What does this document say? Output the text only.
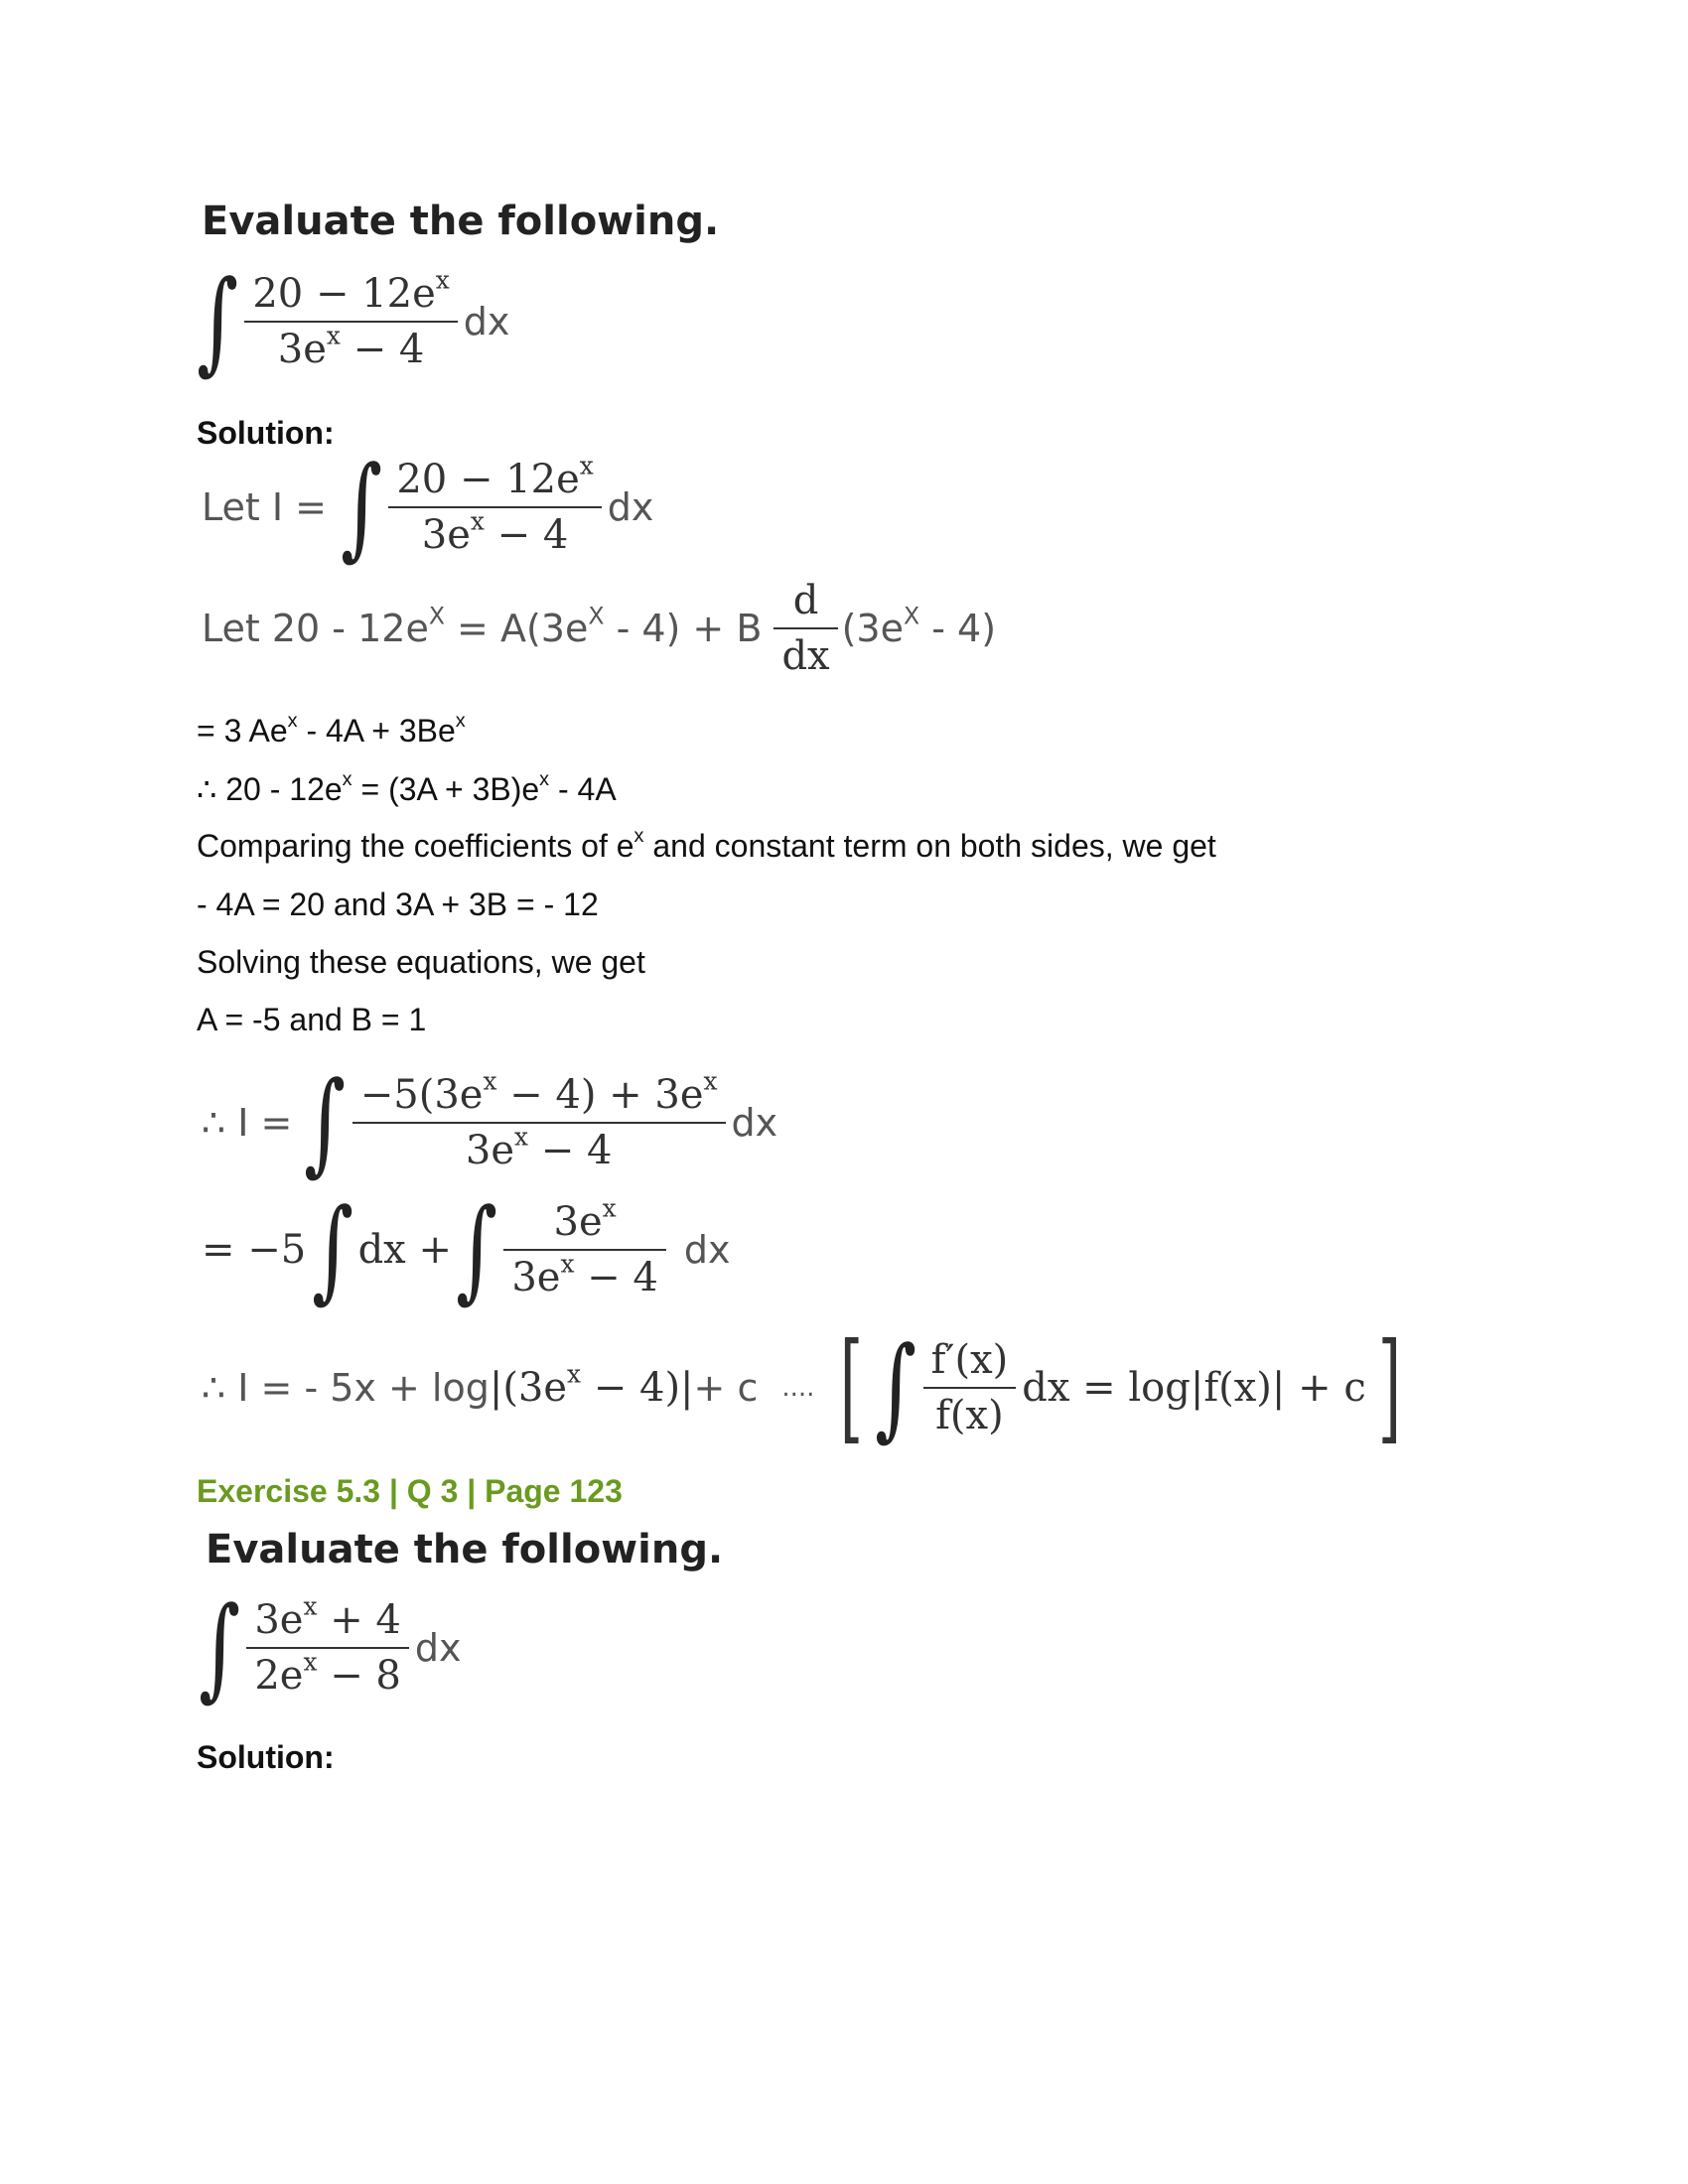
Evaluate the following.
∫ $\frac{20 - 12e^x}{3e^x - 4}$ dx
Solution:
Let I = ∫ $\frac{20 - 12e^x}{3e^x - 4}$ dx
Let $20 - 12e^X = A(3e^X - 4) + B \frac{d}{dx} (3e^X - 4)$
= 3 $Ae^x - 4A + 3Be^x$
∴ $20 - 12e^x = (3A + 3B)e^x - 4A$
Comparing the coefficients of $e^x$ and constant term on both sides, we get
- 4A = 20 and 3A + 3B = - 12
Solving these equations, we get
A = -5 and B = 1
∴ I = ∫ $\frac{-5(3e^x - 4) + 3e^x}{3e^x - 4}$ dx
= −5 ∫ dx + ∫ $\frac{3e^x}{3e^x - 4}$ dx
∴ I = - $5x + \log |(3e^x - 4)| + c$ .... [ ∫ $\frac{f'(x)}{f(x)}$ dx = log|f(x)| + c ]
Exercise 5.3 | Q 3 | Page 123
Evaluate the following.
∫ $\frac{3e^x + 4}{2e^x - 8}$ dx
Solution:
